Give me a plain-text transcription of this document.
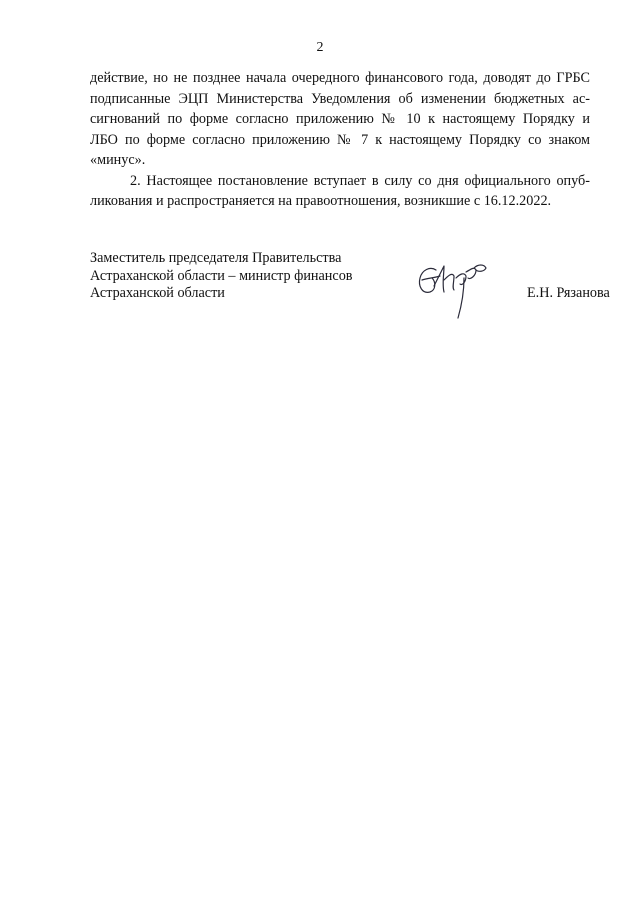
2
действие, но не позднее начала очередного финансового года, доводят до ГРБС
подписанные ЭЦП Министерства Уведомления об изменении бюджетных ас-
сигнований по форме согласно приложению № 10 к настоящему Порядку и
ЛБО по форме согласно приложению № 7 к настоящему Порядку со знаком
«минус».
2. Настоящее постановление вступает в силу со дня официального опуб-
ликования и распространяется на правоотношения, возникшие с 16.12.2022.
Заместитель председателя Правительства
Астраханской области – министр финансов
Астраханской области	Е.Н. Рязанова
